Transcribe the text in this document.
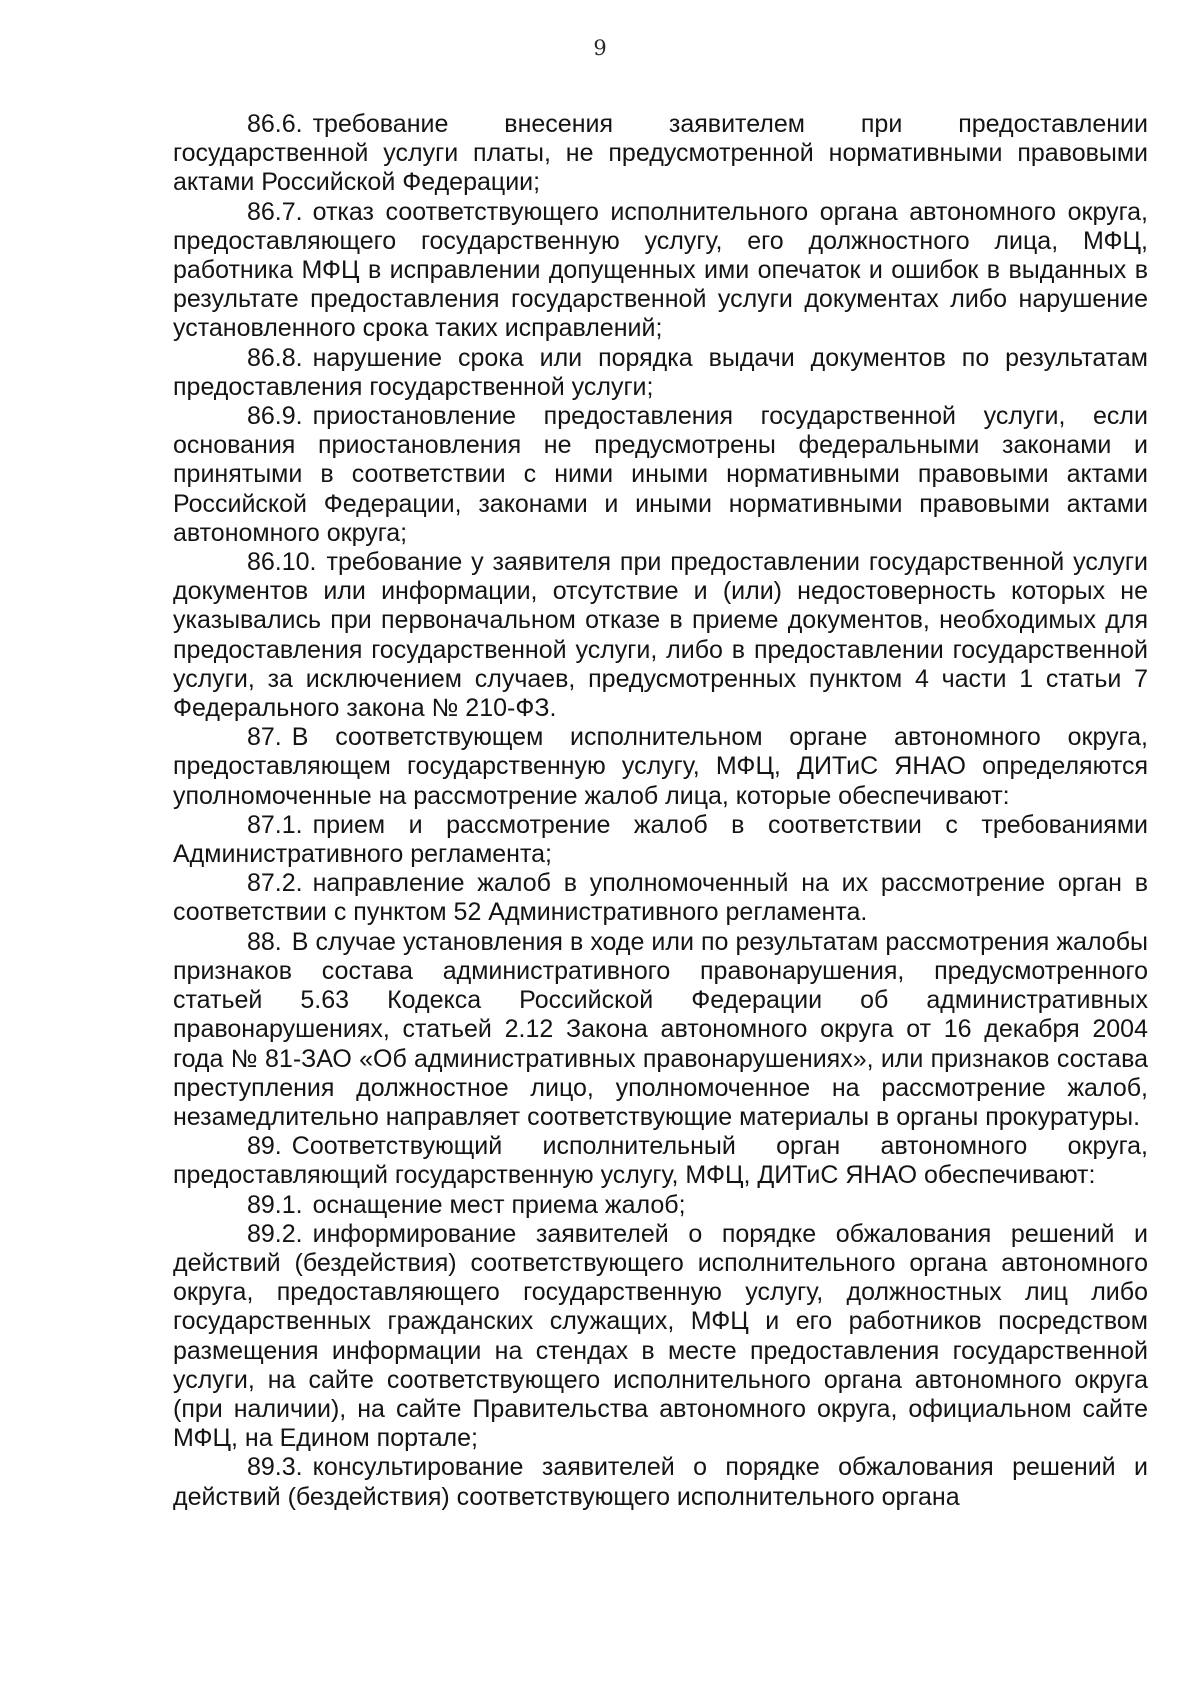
9

86.6. требование внесения заявителем при предоставлении государственной услуги платы, не предусмотренной нормативными правовыми актами Российской Федерации;

86.7. отказ соответствующего исполнительного органа автономного округа, предоставляющего государственную услугу, его должностного лица, МФЦ, работника МФЦ в исправлении допущенных ими опечаток и ошибок в выданных в результате предоставления государственной услуги документах либо нарушение установленного срока таких исправлений;

86.8. нарушение срока или порядка выдачи документов по результатам предоставления государственной услуги;

86.9. приостановление предоставления государственной услуги, если основания приостановления не предусмотрены федеральными законами и принятыми в соответствии с ними иными нормативными правовыми актами Российской Федерации, законами и иными нормативными правовыми актами автономного округа;

86.10. требование у заявителя при предоставлении государственной услуги документов или информации, отсутствие и (или) недостоверность которых не указывались при первоначальном отказе в приеме документов, необходимых для предоставления государственной услуги, либо в предоставлении государственной услуги, за исключением случаев, предусмотренных пунктом 4 части 1 статьи 7 Федерального закона № 210-ФЗ.

87. В соответствующем исполнительном органе автономного округа, предоставляющем государственную услугу, МФЦ, ДИТиС ЯНАО определяются уполномоченные на рассмотрение жалоб лица, которые обеспечивают:

87.1. прием и рассмотрение жалоб в соответствии с требованиями Административного регламента;

87.2. направление жалоб в уполномоченный на их рассмотрение орган в соответствии с пунктом 52 Административного регламента.

88. В случае установления в ходе или по результатам рассмотрения жалобы признаков состава административного правонарушения, предусмотренного статьей 5.63 Кодекса Российской Федерации об административных правонарушениях, статьей 2.12 Закона автономного округа от 16 декабря 2004 года № 81-ЗАО «Об административных правонарушениях», или признаков состава преступления должностное лицо, уполномоченное на рассмотрение жалоб, незамедлительно направляет соответствующие материалы в органы прокуратуры.

89. Соответствующий исполнительный орган автономного округа, предоставляющий государственную услугу, МФЦ, ДИТиС ЯНАО обеспечивают:

89.1. оснащение мест приема жалоб;

89.2. информирование заявителей о порядке обжалования решений и действий (бездействия) соответствующего исполнительного органа автономного округа, предоставляющего государственную услугу, должностных лиц либо государственных гражданских служащих, МФЦ и его работников посредством размещения информации на стендах в месте предоставления государственной услуги, на сайте соответствующего исполнительного органа автономного округа (при наличии), на сайте Правительства автономного округа, официальном сайте МФЦ, на Едином портале;

89.3. консультирование заявителей о порядке обжалования решений и действий (бездействия) соответствующего исполнительного органа
